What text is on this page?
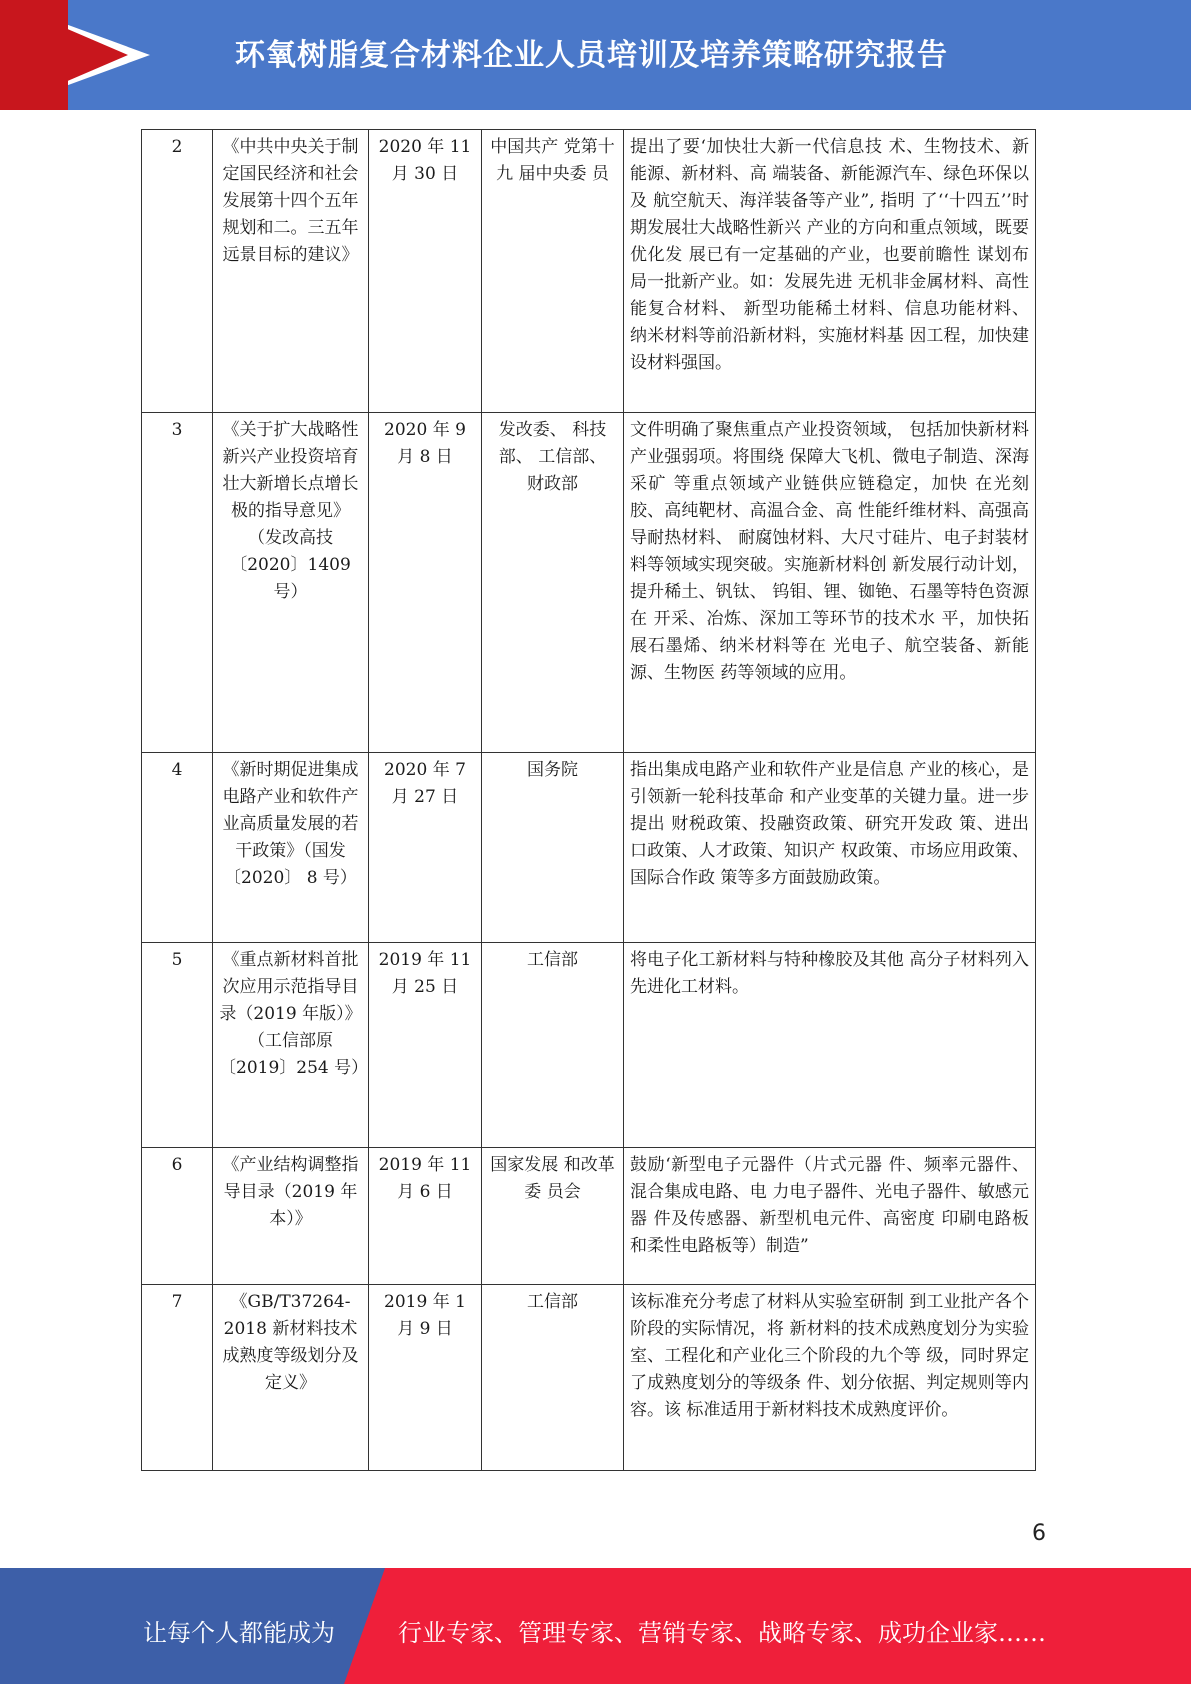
环氧树脂复合材料企业人员培训及培养策略研究报告
2	《中共中央关于制定国民经济和社会发展第十四个五年规划和二。三五年远景目标的建议》	2020 年 11 月 30 日	中国共产 党第十九 届中央委 员	提出了要‘加快壮大新一代信息技 术、生物技术、新能源、新材料、高 端装备、新能源汽车、绿色环保以及 航空航天、海洋装备等产业”, 指明 了‘‘十四五’’时期发展壮大战略性新兴 产业的方向和重点领域，既要优化发 展已有一定基础的产业，也要前瞻性 谋划布局一批新产业。如：发展先进 无机非金属材料、高性能复合材料、 新型功能稀土材料、信息功能材料、 纳米材料等前沿新材料，实施材料基 因工程，加快建设材料强国。
3	《关于扩大战略性新兴产业投资培育壮大新增长点增长极的指导意见》（发改高技〔2020〕1409 号）	2020 年 9 月 8 日	发改委、 科技部、 工信部、 财政部	文件明确了聚焦重点产业投资领域， 包括加快新材料产业强弱项。将围绕 保障大飞机、微电子制造、深海采矿 等重点领域产业链供应链稳定，加快 在光刻胶、高纯靶材、高温合金、高 性能纤维材料、高强高导耐热材料、 耐腐蚀材料、大尺寸硅片、电子封装材料等领域实现突破。实施新材料创 新发展行动计划，提升稀土、钒钛、 钨钼、锂、铷铯、石墨等特色资源在 开采、冶炼、深加工等环节的技术水 平，加快拓展石墨烯、纳米材料等在 光电子、航空装备、新能源、生物医 药等领域的应用。
4	《新时期促进集成电路产业和软件产业高质量发展的若干政策》（国发〔2020〕 8 号）	2020 年 7 月 27 日	国务院	指出集成电路产业和软件产业是信息 产业的核心，是引领新一轮科技革命 和产业变革的关键力量。进一步提出 财税政策、投融资政策、研究开发政 策、进出口政策、人才政策、知识产 权政策、市场应用政策、国际合作政 策等多方面鼓励政策。
5	《重点新材料首批次应用示范指导目录（2019 年版）》（工信部原〔2019〕254 号）	2019 年 11 月 25 日	工信部	将电子化工新材料与特种橡胶及其他 高分子材料列入先进化工材料。
6	《产业结构调整指导目录（2019 年本）》	2019 年 11 月 6 日	国家发展 和改革委 员会	鼓励‘新型电子元器件（片式元器 件、频率元器件、混合集成电路、电 力电子器件、光电子器件、敏感元器 件及传感器、新型机电元件、高密度 印刷电路板和柔性电路板等）制造”
7	《GB/T37264-2018 新材料技术成熟度等级划分及定义》	2019 年 1 月 9 日	工信部	该标准充分考虑了材料从实验室研制 到工业批产各个阶段的实际情况，将 新材料的技术成熟度划分为实验室、工程化和产业化三个阶段的九个等 级，同时界定了成熟度划分的等级条 件、划分依据、判定规则等内容。该 标准适用于新材料技术成熟度评价。
6
让每个人都能成为	行业专家、管理专家、营销专家、战略专家、成功企业家……
